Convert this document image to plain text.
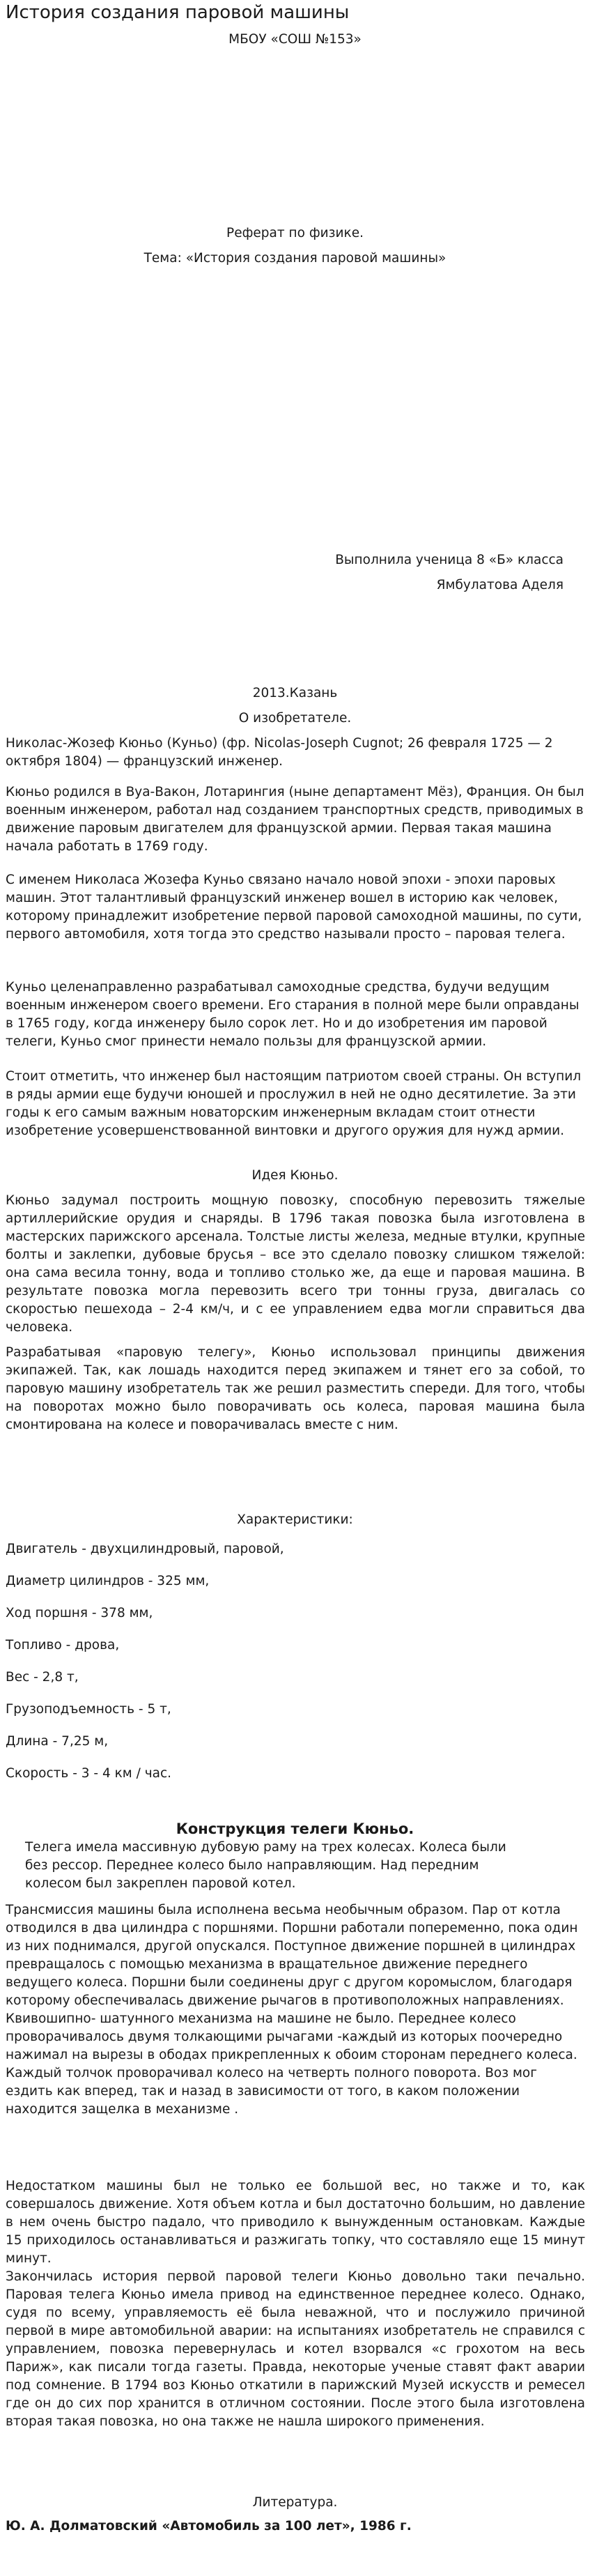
История создания паровой машины
МБОУ «СОШ №153»
Реферат по физике.
Тема: «История создания паровой машины»
Выполнила ученица 8 «Б» класса
Ямбулатова Аделя
2013.Казань
О изобретателе.

Николас-Жозеф Кюньо (Куньо) (фр. Nicolas-Joseph Cugnot; 26 февраля 1725 — 2 октября 1804) — французский инженер.

Кюньо родился в Вуа-Вакон, Лотарингия (ныне департамент Мёз), Франция. Он был военным инженером, работал над созданием транспортных средств, приводимых в движение паровым двигателем для французской армии. Первая такая машина начала работать в 1769 году.

С именем Николаса Жозефа Куньо связано начало новой эпохи - эпохи паровых машин. Этот талантливый французский инженер вошел в историю как человек, которому принадлежит изобретение первой паровой самоходной машины, по сути, первого автомобиля, хотя тогда это средство называли просто – паровая телега.

Куньо целенаправленно разрабатывал самоходные средства, будучи ведущим военным инженером своего времени. Его старания в полной мере были оправданы в 1765 году, когда инженеру было сорок лет. Но и до изобретения им паровой телеги, Куньо смог принести немало пользы для французской армии.

Стоит отметить, что инженер был настоящим патриотом своей страны. Он вступил в ряды армии еще будучи юношей и прослужил в ней не одно десятилетие. За эти годы к его самым важным новаторским инженерным вкладам стоит отнести изобретение усовершенствованной винтовки и другого оружия для нужд армии.

Идея Кюньо.

Кюньо задумал построить мощную повозку, способную перевозить тяжелые артиллерийские орудия и снаряды. В 1796 такая повозка была изготовлена в мастерских парижского арсенала. Толстые листы железа, медные втулки, крупные болты и заклепки, дубовые брусья – все это сделало повозку слишком тяжелой: она сама весила тонну, вода и топливо столько же, да еще и паровая машина. В результате повозка могла перевозить всего три тонны груза, двигалась со скоростью пешехода – 2-4 км/ч, и с ее управлением едва могли справиться два человека.

Разрабатывая «паровую телегу», Кюньо использовал принципы движения экипажей. Так, как лошадь находится перед экипажем и тянет его за собой, то паровую машину изобретатель так же решил разместить спереди. Для того, чтобы на поворотах можно было поворачивать ось колеса, паровая машина была смонтирована на колесе и поворачивалась вместе с ним.

Характеристики:

Двигатель - двухцилиндровый, паровой,

Диаметр цилиндров - 325 мм,

Ход поршня - 378 мм,

Топливо - дрова,

Вес - 2,8 т,

Грузоподъемность - 5 т,

Длина - 7,25 м,

Скорость - 3 - 4 км / час.

Конструкция телеги Кюньо.

Телега имела массивную дубовую раму на трех колесах. Колеса были

без рессор. Переднее колесо было направляющим. Над передним

колесом был закреплен паровой котел.

Трансмиссия машины была исполнена весьма необычным образом. Пар от котла отводился в два цилиндра с поршнями. Поршни работали попеременно, пока один из них поднимался, другой опускался. Поступное движение поршней в цилиндрах превращалось с помощью механизма в вращательное движение переднего ведущего колеса. Поршни были соединены друг с другом коромыслом, благодаря которому обеспечивалась движение рычагов в противоположных направлениях. Квивошипно- шатунного механизма на машине не было. Переднее колесо проворачивалось двумя толкающими рычагами -каждый из которых поочередно нажимал на вырезы в ободах прикрепленных к обоим сторонам переднего колеса. Каждый толчок проворачивал колесо на четверть полного поворота. Воз мог ездить как вперед, так и назад в зависимости от того, в каком положении находится защелка в механизме .

Недостатком машины был не только ее большой вес, но также и то, как совершалось движение. Хотя объем котла и был достаточно большим, но давление в нем очень быстро падало, что приводило к вынужденным остановкам. Каждые 15 приходилось останавливаться и разжигать топку, что составляло еще 15 минут минут.

Закончилась история первой паровой телеги Кюньо довольно таки печально. Паровая телега Кюньо имела привод на единственное переднее колесо. Однако, судя по всему, управляемость её была неважной, что и послужило причиной первой в мире автомобильной аварии: на испытаниях изобретатель не справился с управлением, повозка перевернулась и котел взорвался «с грохотом на весь Париж», как писали тогда газеты. Правда, некоторые ученые ставят факт аварии под сомнение. В 1794 воз Кюньо откатили в парижский Музей искусств и ремесел где он до сих пор хранится в отличном состоянии. После этого была изготовлена вторая такая повозка, но она также не нашла широкого применения.

Литература.
Ю. А. Долматовский «Автомобиль за 100 лет», 1986 г.
